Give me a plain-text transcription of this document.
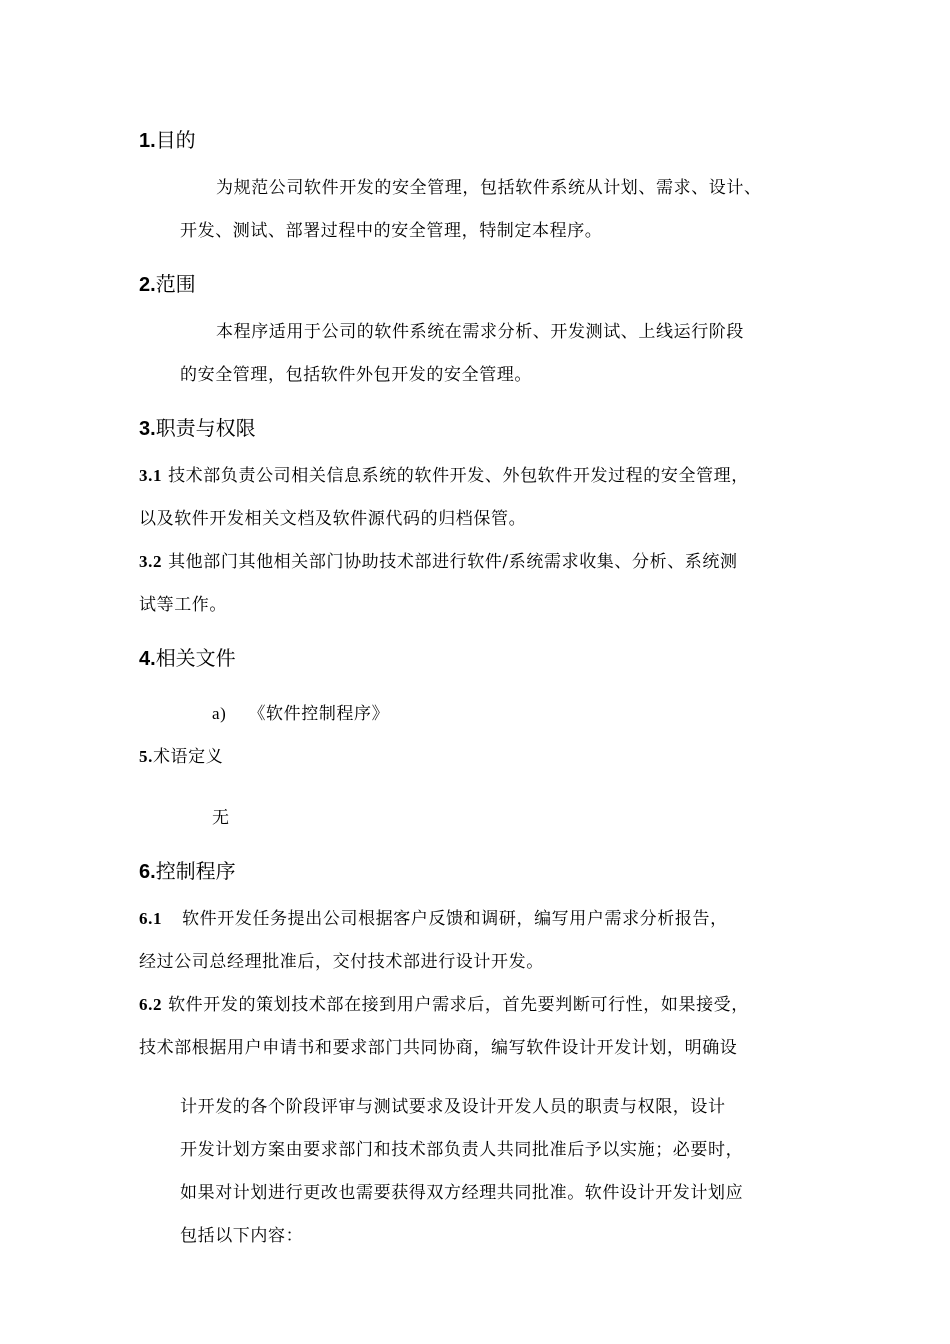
1.目的
为规范公司软件开发的安全管理，包括软件系统从计划、需求、设计、
开发、测试、部署过程中的安全管理，特制定本程序。
2.范围
本程序适用于公司的软件系统在需求分析、开发测试、上线运行阶段
的安全管理，包括软件外包开发的安全管理。
3.职责与权限
3.1 技术部负责公司相关信息系统的软件开发、外包软件开发过程的安全管理，
以及软件开发相关文档及软件源代码的归档保管。
3.2 其他部门其他相关部门协助技术部进行软件/系统需求收集、分析、系统测
试等工作。
4.相关文件
a) 《软件控制程序》
5.术语定义
无
6.控制程序
6.1 软件开发任务提出公司根据客户反馈和调研，编写用户需求分析报告，
经过公司总经理批准后，交付技术部进行设计开发。
6.2 软件开发的策划技术部在接到用户需求后，首先要判断可行性，如果接受，
技术部根据用户申请书和要求部门共同协商，编写软件设计开发计划，明确设
计开发的各个阶段评审与测试要求及设计开发人员的职责与权限，设计
开发计划方案由要求部门和技术部负责人共同批准后予以实施；必要时，
如果对计划进行更改也需要获得双方经理共同批准。软件设计开发计划应
包括以下内容：
